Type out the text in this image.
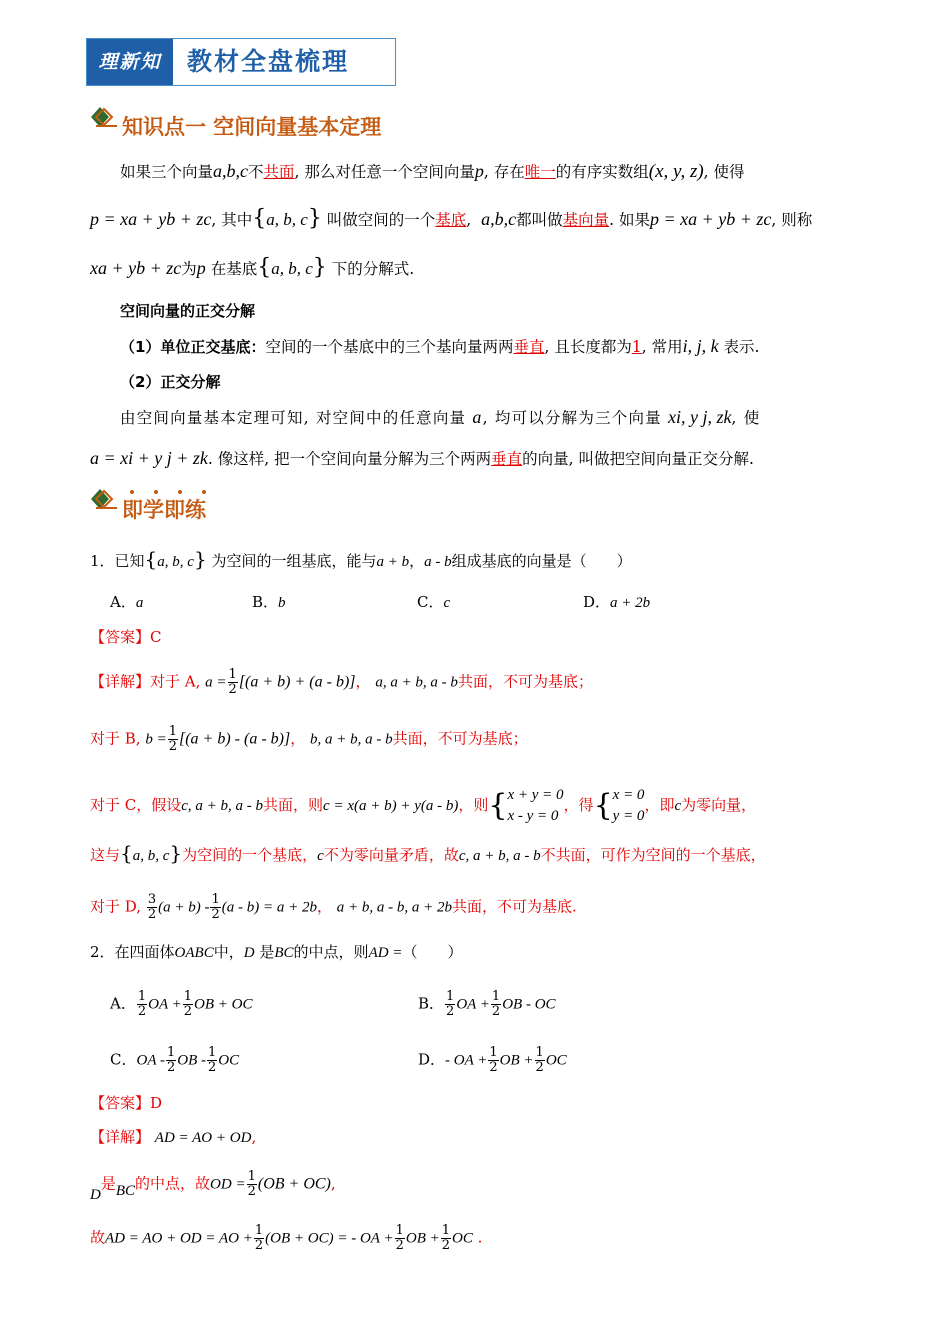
理新知	教材全盘梳理
知识点一 空间向量基本定理
如果三个向量a,b,c不共面, 那么对任意一个空间向量p, 存在唯一的有序实数组(x, y, z), 使得
p = xa + yb + zc, 其中{a, b, c} 叫做空间的一个基底, a,b,c都叫做基向量. 如果p = xa + yb + zc, 则称
xa + yb + zc为p 在基底{a, b, c} 下的分解式.
空间向量的正交分解
（1）单位正交基底：空间的一个基底中的三个基向量两两垂直, 且长度都为1, 常用i, j, k 表示.
（2）正交分解
由空间向量基本定理可知, 对空间中的任意向量 a, 均可以分解为三个向量 xi, y j, zk, 使
a = xi + y j + zk. 像这样, 把一个空间向量分解为三个两两垂直的向量, 叫做把空间向量正交分解.
即学即练
1．已知{a, b, c} 为空间的一组基底，能与a + b，a - b组成基底的向量是（　　）
A．a	B．b	C．c	D．a + 2b
【答案】C
【详解】对于 A, $a = \frac{1}{2} [(a + b) + (a - b)]$， a, a + b, a - b共面，不可为基底；
对于 B, $b = \frac{1}{2} [(a + b) - (a - b)]$， b, a + b, a - b共面，不可为基底；
对于 C，假设c, a + b, a - b共面，则c = x(a + b) + y(a - b)，则{ x + y = 0
x - y = 0
，得{ x = 0
y = 0
，即c为零向量，
这与{a, b, c}为空间的一个基底，c不为零向量矛盾，故c, a + b, a - b不共面，可作为空间的一个基底，
对于 D, $\frac{3}{2} (a + b) - \frac{1}{2} (a - b) = a + 2b$， a + b, a - b, a + 2b共面，不可为基底.
2．在四面体OABC中，D 是BC的中点，则AD =（　　）
A． $\frac{1}{2}$ OA + $\frac{1}{2}$ OB + OC	B． $\frac{1}{2}$ OA + $\frac{1}{2}$ OB - OC
C．OA - $\frac{1}{2}$ OB - $\frac{1}{2}$ OC	D．- OA + $\frac{1}{2}$ OB + $\frac{1}{2}$ OC
【答案】D
【详解】 AD = AO + OD,
D是BC的中点，故OD = $\frac{1}{2} (OB + OC)$,
故AD = AO + OD = AO + $\frac{1}{2} (OB + OC)$ = - OA + $\frac{1}{2}$ OB + $\frac{1}{2}$ OC .
